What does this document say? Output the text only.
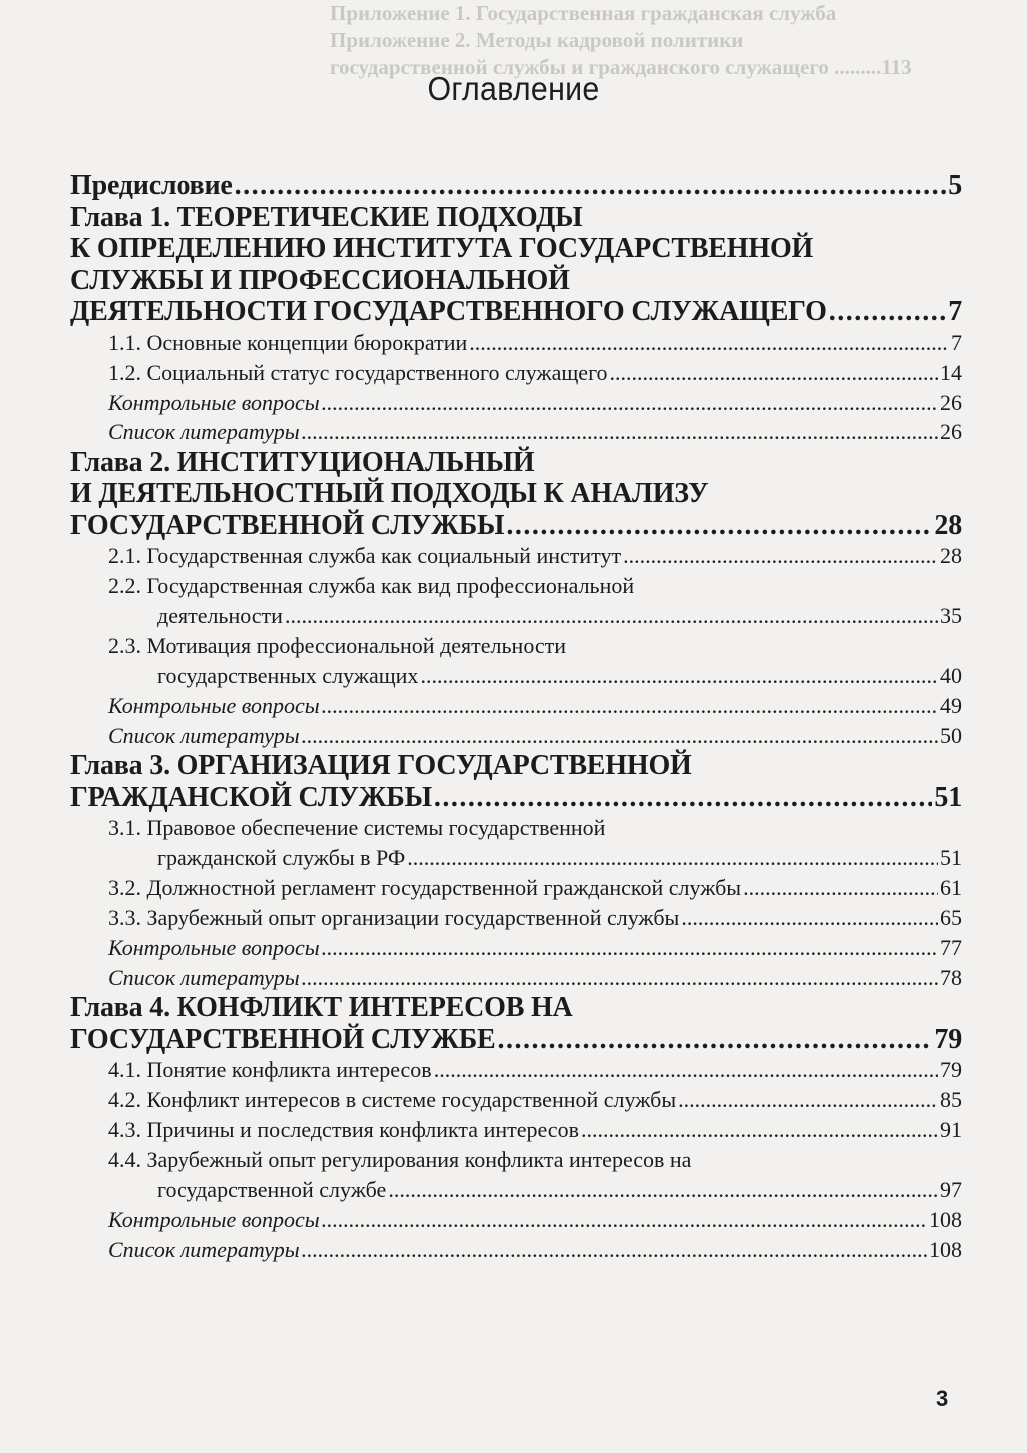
Приложение 1. Государственная гражданская служба
Приложение 2. Методы кадровой политики
государственной службы и гражданского служащего .........113
Оглавление
Предисловие .....	5
Глава 1. ТЕОРЕТИЧЕСКИЕ ПОДХОДЫ
К ОПРЕДЕЛЕНИЮ ИНСТИТУТА ГОСУДАРСТВЕННОЙ
СЛУЖБЫ И ПРОФЕССИОНАЛЬНОЙ
ДЕЯТЕЛЬНОСТИ ГОСУДАРСТВЕННОГО СЛУЖАЩЕГО .....	7
1.1. Основные концепции бюрократии .....	7
1.2. Социальный статус государственного служащего .....	14
Контрольные вопросы .....	26
Список литературы .....	26
Глава 2. ИНСТИТУЦИОНАЛЬНЫЙ
И ДЕЯТЕЛЬНОСТНЫЙ ПОДХОДЫ К АНАЛИЗУ
ГОСУДАРСТВЕННОЙ СЛУЖБЫ .....	28
2.1. Государственная служба как социальный институт .....	28
2.2. Государственная служба как вид профессиональной
деятельности .....	35
2.3. Мотивация профессиональной деятельности
государственных служащих .....	40
Контрольные вопросы .....	49
Список литературы .....	50
Глава 3. ОРГАНИЗАЦИЯ ГОСУДАРСТВЕННОЙ
ГРАЖДАНСКОЙ СЛУЖБЫ .....	51
3.1. Правовое обеспечение системы государственной
гражданской службы в РФ .....	51
3.2. Должностной регламент государственной гражданской службы .....	61
3.3. Зарубежный опыт организации государственной службы .....	65
Контрольные вопросы .....	77
Список литературы .....	78
Глава 4. КОНФЛИКТ ИНТЕРЕСОВ НА
ГОСУДАРСТВЕННОЙ СЛУЖБЕ .....	79
4.1. Понятие конфликта интересов .....	79
4.2. Конфликт интересов в системе государственной службы .....	85
4.3. Причины и последствия конфликта интересов .....	91
4.4. Зарубежный опыт регулирования конфликта интересов на
государственной службе .....	97
Контрольные вопросы .....	108
Список литературы .....	108
3
